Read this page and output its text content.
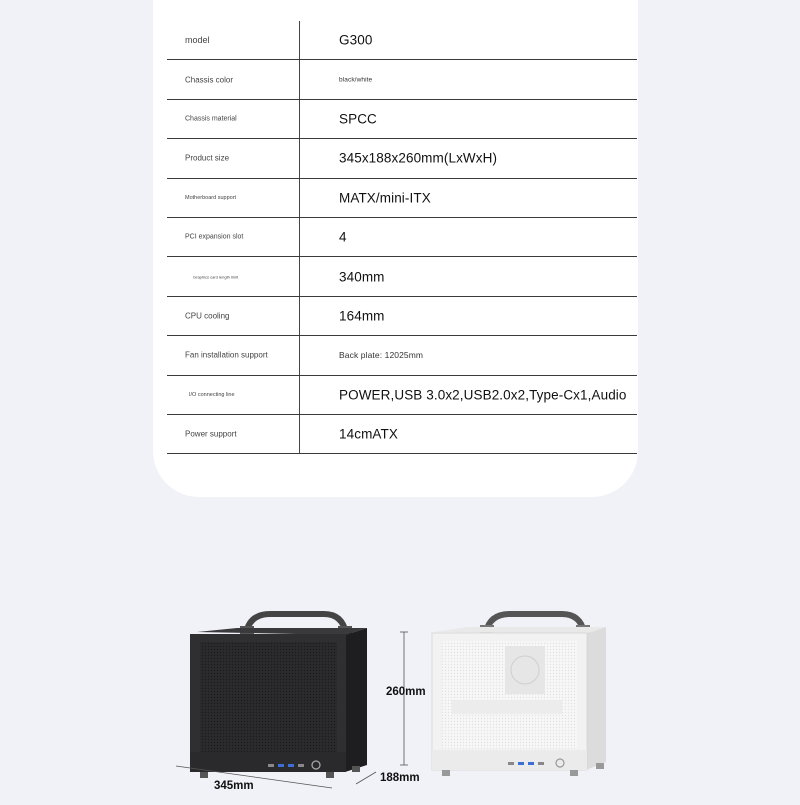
model	G300
Chassis color	black/white
Chassis material	SPCC
Product size	345x188x260mm(LxWxH)
Motherboard support	MATX/mini-ITX
PCI expansion slot	4
Graphics card length limit	340mm
CPU cooling	164mm
Fan installation support	Back plate: 12025mm
I/O connecting line	POWER,USB 3.0x2,USB2.0x2,Type-Cx1,Audio
Power support	14cmATX
260mm
345mm
188mm
